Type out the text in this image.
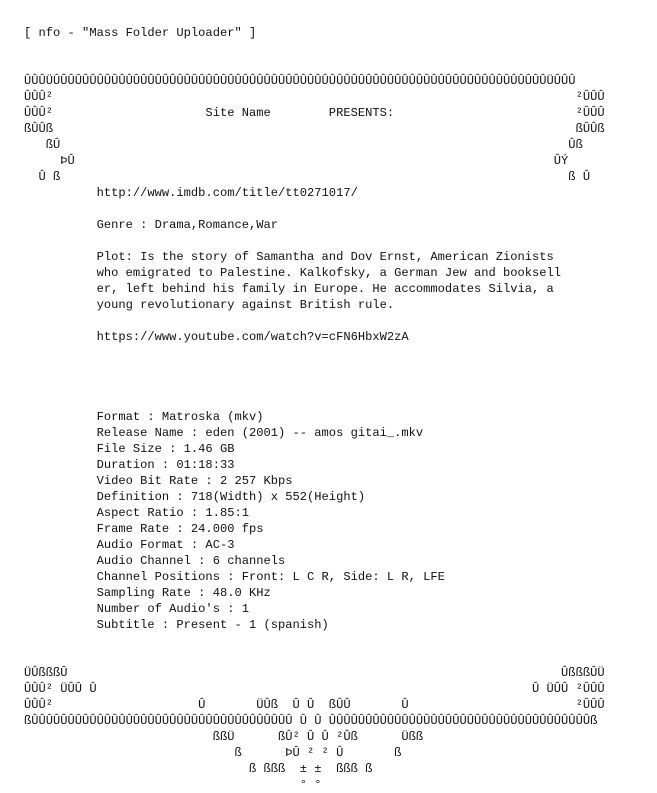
[ nfo - "Mass Folder Uploader" ]

ÛÛÛÜÛÛÛÛÛÛÛÛÛÛÛÛÛÛÛÛÛÛÛÛÛÛÛÛÛÛÛÛÛÛÛÛÛÛÛÛÛÛÛÛÛÛÛÛÛÛÛÛÛÛÛÛÛÛÛÛÛÛÛÛÛÛÛÛÛÛÛÛÜÛÛÛ
ÛÛÛ²                                                                        ²ÛÛÛ
ÛÛÛ²                     Site Name        PRESENTS:                         ²ÛÛÛ
ßÛÛß                                                                        ßÛÛß
ßÛ                                                                      Ûß
ÞÛ                                                                  ÛÝ
Û ß                                                                      ß Û
http://www.imdb.com/title/tt0271017/

Genre : Drama,Romance,War

Plot: Is the story of Samantha and Dov Ernst, American Zionists
who emigrated to Palestine. Kalkofsky, a German Jew and booksell
er, left behind his family in Europe. He accommodates Silvia, a
young revolutionary against British rule.

https://www.youtube.com/watch?v=cFN6HbxW2zA

Format : Matroska (mkv)
Release Name : eden (2001) -- amos gitai_.mkv
File Size : 1.46 GB
Duration : 01:18:33
Video Bit Rate : 2 257 Kbps
Definition : 718(Width) x 552(Height)
Aspect Ratio : 1.85:1
Frame Rate : 24.000 fps
Audio Format : AC-3
Audio Channel : 6 channels
Channel Positions : Front: L C R, Side: L R, LFE
Sampling Rate : 48.0 KHz
Number of Audio's : 1
Subtitle : Present - 1 (spanish)

ÜÛßßßÛ                                                                    ÛßßßÛÜ
ÛÛÛ² ÜÛÛ Û                                                            Û ÜÛÛ ²ÛÛÛ
ÛÛÛ²                    Û       ÜÛß  Û Û  ßÛÛ       Û                       ²ÛÛÛ
ßÛÛÛÛÛÛÛÛÛÛÛÛÛÛÛÛÛÛÛÛÛÛÛÛÛÛÛÛÛÛÛÛÛÛÛÛ Û Û ÛÛÛÛÛÛÛÛÛÛÛÛÛÛÛÛÛÛÛÛÛÛÛÛÛÛÛÛÛÛÛÛÛÛÛÛß
ßßÜ      ßÛ² Û Û ²Ûß      Üßß
ß      ÞÛ ² ² Û       ß
ß ßßß  ± ±  ßßß ß
° °
